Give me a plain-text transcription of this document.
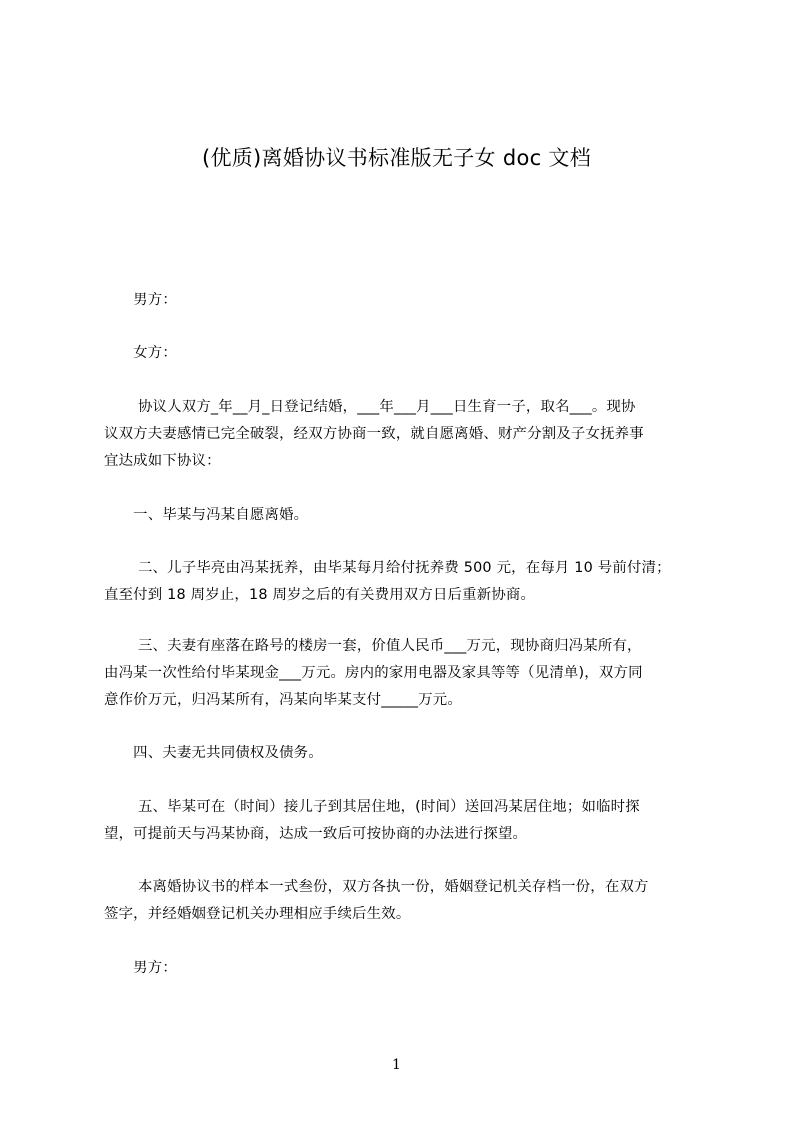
(优质)离婚协议书标准版无子女 doc 文档
　　男方：
　　女方：
　　 协议人双方_年__月_日登记结婚，___年___月___日生育一子，取名___。现协
议双方夫妻感情已完全破裂，经双方协商一致，就自愿离婚、财产分割及子女抚养事
宜达成如下协议：
　　一、毕某与冯某自愿离婚。
　　 二、儿子毕亮由冯某抚养，由毕某每月给付抚养费 500 元，在每月 10 号前付清；
直至付到 18 周岁止，18 周岁之后的有关费用双方日后重新协商。
　　 三、夫妻有座落在路号的楼房一套，价值人民币___万元，现协商归冯某所有，
由冯某一次性给付毕某现金___万元。房内的家用电器及家具等等（见清单)，双方同
意作价万元，归冯某所有，冯某向毕某支付_____万元。
　　四、夫妻无共同债权及债务。
　　 五、毕某可在（时间）接儿子到其居住地，(时间）送回冯某居住地；如临时探
望，可提前天与冯某协商，达成一致后可按协商的办法进行探望。
　　 本离婚协议书的样本一式叁份，双方各执一份，婚姻登记机关存档一份，在双方
签字，并经婚姻登记机关办理相应手续后生效。
　　男方：
1
